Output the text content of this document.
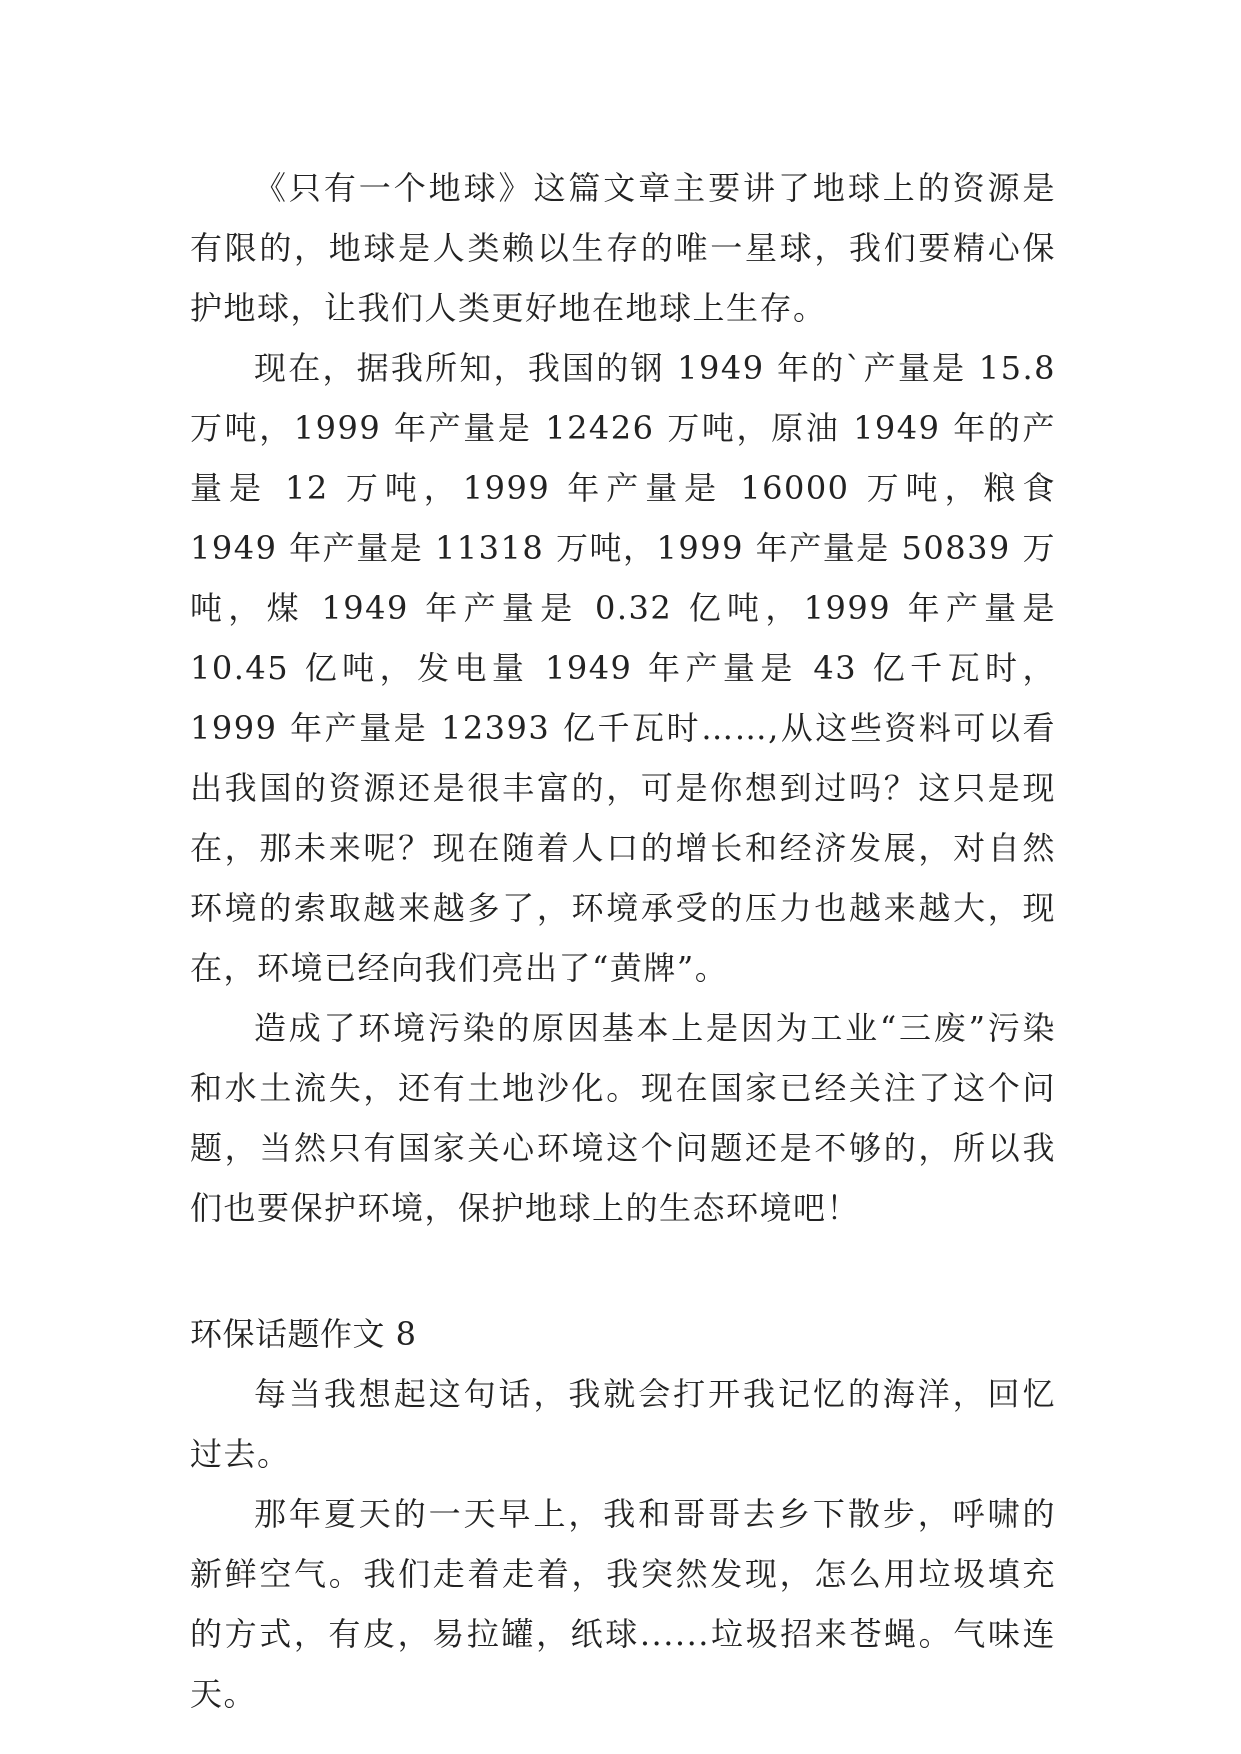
《只有一个地球》这篇文章主要讲了地球上的资源是有限的，地球是人类赖以生存的唯一星球，我们要精心保护地球，让我们人类更好地在地球上生存。

现在，据我所知，我国的钢 1949 年的`产量是 15.8 万吨，1999 年产量是 12426 万吨，原油 1949 年的产量是 12 万吨，1999 年产量是 16000 万吨，粮食 1949 年产量是 11318 万吨，1999 年产量是 50839 万吨，煤 1949 年产量是 0.32 亿吨，1999 年产量是 10.45 亿吨，发电量 1949 年产量是 43 亿千瓦时，1999 年产量是 12393 亿千瓦时……,从这些资料可以看出我国的资源还是很丰富的，可是你想到过吗？这只是现在，那未来呢？现在随着人口的增长和经济发展，对自然环境的索取越来越多了，环境承受的压力也越来越大，现在，环境已经向我们亮出了“黄牌”。

造成了环境污染的原因基本上是因为工业“三废”污染和水土流失，还有土地沙化。现在国家已经关注了这个问题，当然只有国家关心环境这个问题还是不够的，所以我们也要保护环境，保护地球上的生态环境吧！

环保话题作文 8

每当我想起这句话，我就会打开我记忆的海洋，回忆过去。

那年夏天的一天早上，我和哥哥去乡下散步，呼啸的新鲜空气。我们走着走着，我突然发现，怎么用垃圾填充的方式，有皮，易拉罐，纸球......垃圾招来苍蝇。气味连天。
